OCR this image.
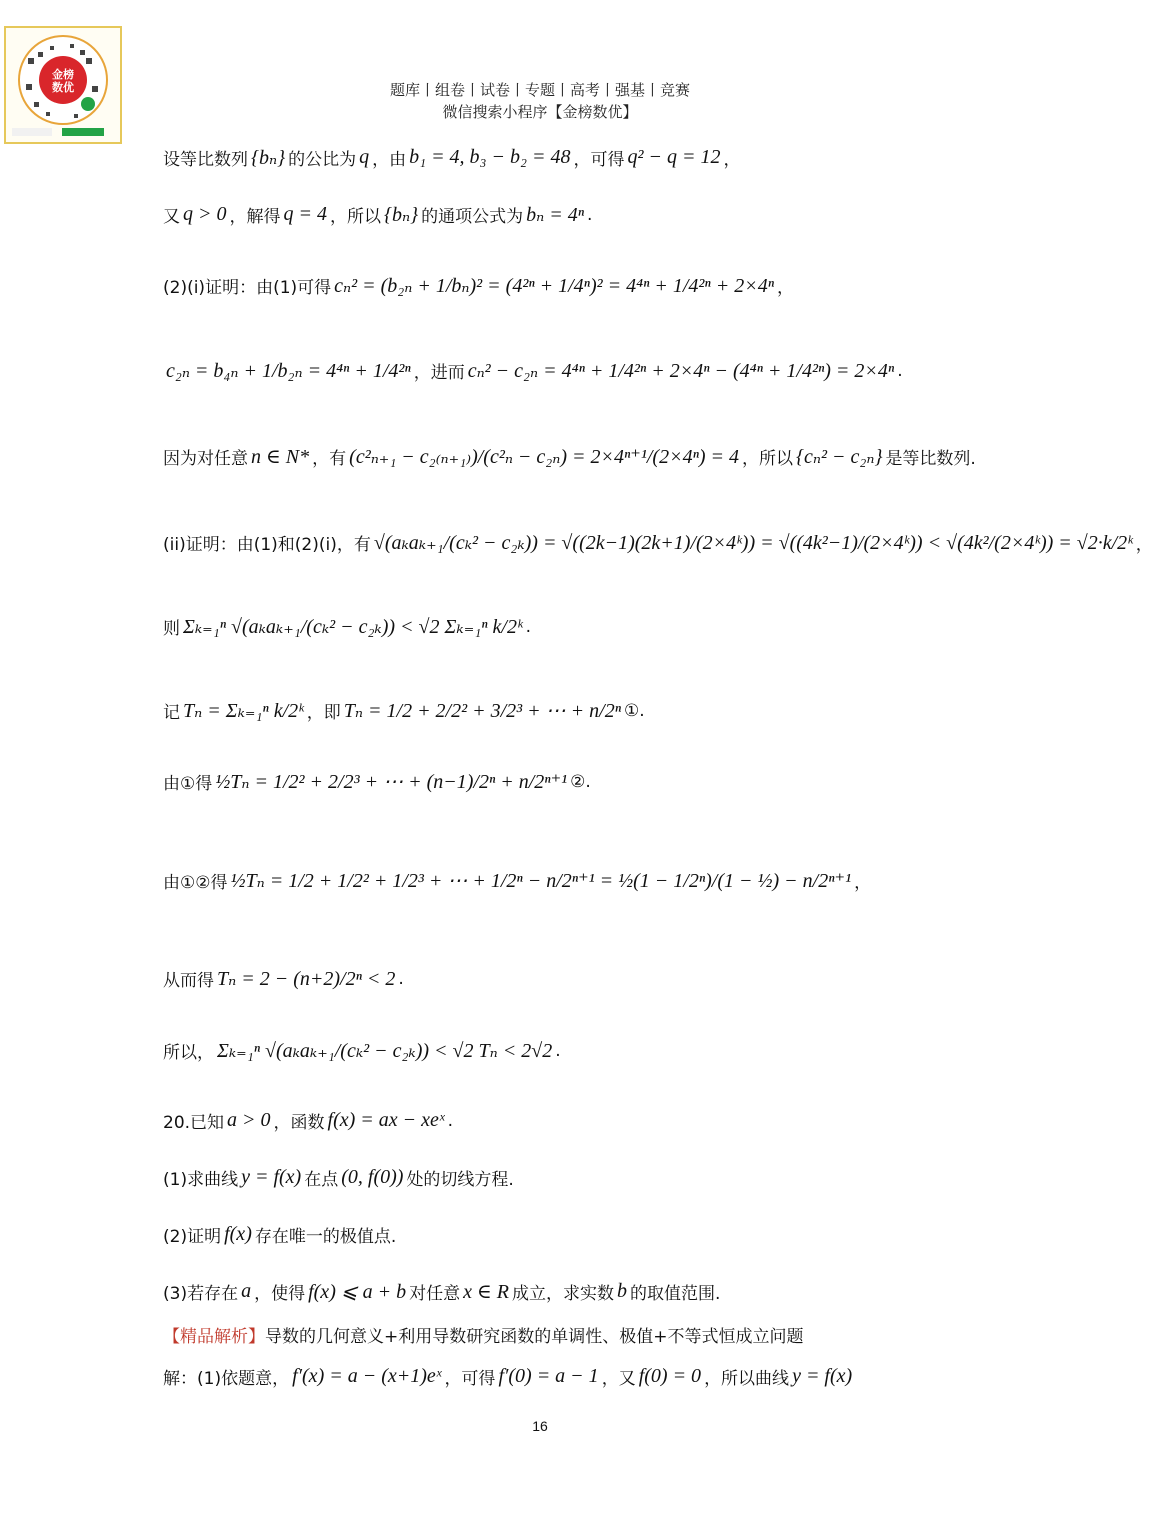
金榜
数优	题库丨组卷丨试卷丨专题丨高考丨强基丨竞赛
微信搜索小程序【金榜数优】
设等比数列 {bₙ} 的公比为 q ，由 b₁ = 4, b₃ − b₂ = 48 ，可得 q² − q = 12 ，
又 q > 0 ，解得 q = 4 ，所以 {bₙ} 的通项公式为 bₙ = 4ⁿ .
(2)(i)证明：由(1)可得 cₙ² = (b₂ₙ + 1/bₙ)² = (4²ⁿ + 1/4ⁿ)² = 4⁴ⁿ + 1/4²ⁿ + 2×4ⁿ ，
c₂ₙ = b₄ₙ + 1/b₂ₙ = 4⁴ⁿ + 1/4²ⁿ ，进而 cₙ² − c₂ₙ = 4⁴ⁿ + 1/4²ⁿ + 2×4ⁿ − (4⁴ⁿ + 1/4²ⁿ) = 2×4ⁿ .
因为对任意 n ∈ N* ，有 (c²ₙ₊₁ − c₂₍ₙ₊₁₎)/(c²ₙ − c₂ₙ) = 2×4ⁿ⁺¹/(2×4ⁿ) = 4 ，所以 {cₙ² − c₂ₙ} 是等比数列.
(ii)证明：由(1)和(2)(i)，有 √(aₖaₖ₊₁/(cₖ² − c₂ₖ)) = √((2k−1)(2k+1)/(2×4ᵏ)) = √((4k²−1)/(2×4ᵏ)) < √(4k²/(2×4ᵏ)) = √2·k/2ᵏ ，
则 Σₖ₌₁ⁿ √(aₖaₖ₊₁/(cₖ² − c₂ₖ)) < √2 Σₖ₌₁ⁿ k/2ᵏ .
记 Tₙ = Σₖ₌₁ⁿ k/2ᵏ ，即 Tₙ = 1/2 + 2/2² + 3/2³ + ⋯ + n/2ⁿ ①.
由①得 ½Tₙ = 1/2² + 2/2³ + ⋯ + (n−1)/2ⁿ + n/2ⁿ⁺¹ ②.
由①②得 ½Tₙ = 1/2 + 1/2² + 1/2³ + ⋯ + 1/2ⁿ − n/2ⁿ⁺¹ = ½(1 − 1/2ⁿ)/(1 − ½) − n/2ⁿ⁺¹ ，
从而得 Tₙ = 2 − (n+2)/2ⁿ < 2 .
所以， Σₖ₌₁ⁿ √(aₖaₖ₊₁/(cₖ² − c₂ₖ)) < √2 Tₙ < 2√2 .
20.已知 a > 0 ，函数 f(x) = ax − xeˣ .
(1)求曲线 y = f(x) 在点 (0, f(0)) 处的切线方程.
(2)证明 f(x) 存在唯一的极值点.
(3)若存在 a ，使得 f(x) ⩽ a + b 对任意 x ∈ R 成立，求实数 b 的取值范围.
【精品解析】 导数的几何意义+利用导数研究函数的单调性、极值+不等式恒成立问题
解：(1)依题意， f′(x) = a − (x+1)eˣ ，可得 f′(0) = a − 1 ，又 f(0) = 0 ，所以曲线 y = f(x)
16
